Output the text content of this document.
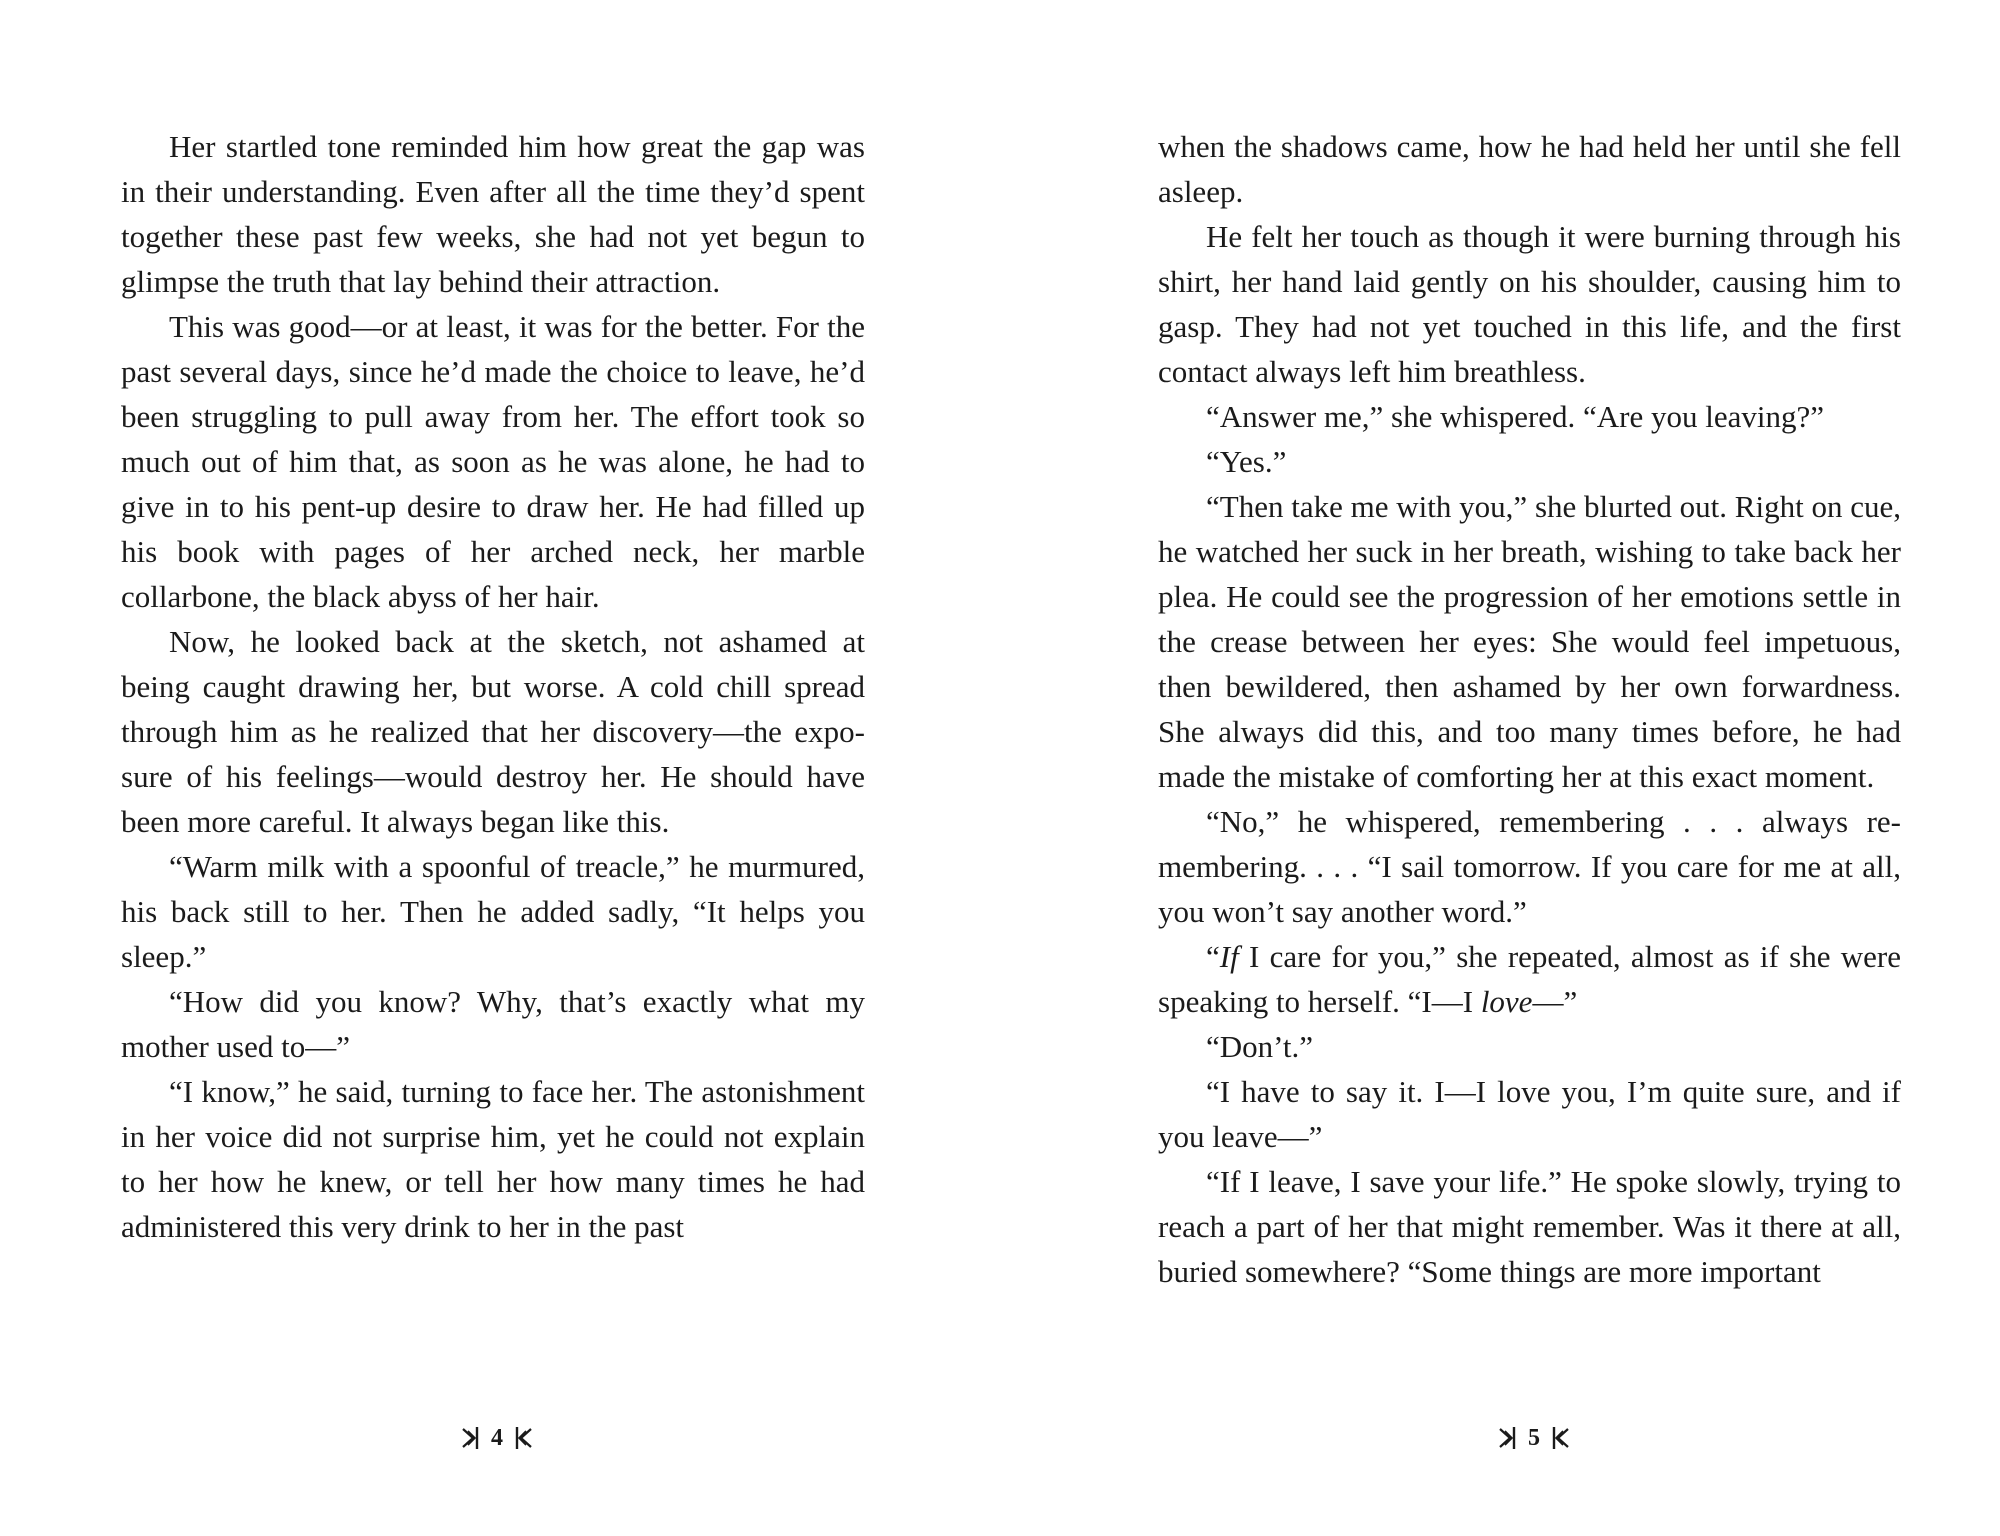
Her startled tone reminded him how great the gap was in their understanding. Even after all the time they’d spent together these past few weeks, she had not yet begun to glimpse the truth that lay behind their attraction.

This was good—or at least, it was for the better. For the past several days, since he’d made the choice to leave, he’d been struggling to pull away from her. The effort took so much out of him that, as soon as he was alone, he had to give in to his pent-up desire to draw her. He had filled up his book with pages of her arched neck, her marble collarbone, the black abyss of her hair.

Now, he looked back at the sketch, not ashamed at being caught drawing her, but worse. A cold chill spread through him as he realized that her discovery—the exposure of his feelings—would destroy her. He should have been more careful. It always began like this.

“Warm milk with a spoonful of treacle,” he murmured, his back still to her. Then he added sadly, “It helps you sleep.”

“How did you know? Why, that’s exactly what my mother used to—”

“I know,” he said, turning to face her. The astonishment in her voice did not surprise him, yet he could not explain to her how he knew, or tell her how many times he had administered this very drink to her in the past

4

when the shadows came, how he had held her until she fell asleep.

He felt her touch as though it were burning through his shirt, her hand laid gently on his shoulder, causing him to gasp. They had not yet touched in this life, and the first contact always left him breathless.

“Answer me,” she whispered. “Are you leaving?”

“Yes.”

“Then take me with you,” she blurted out. Right on cue, he watched her suck in her breath, wishing to take back her plea. He could see the progression of her emotions settle in the crease between her eyes: She would feel impetuous, then bewildered, then ashamed by her own forwardness. She always did this, and too many times before, he had made the mistake of comforting her at this exact moment.

“No,” he whispered, remembering . . . always remembering. . . . “I sail tomorrow. If you care for me at all, you won’t say another word.”

“If I care for you,” she repeated, almost as if she were speaking to herself. “I—I love—”

“Don’t.”

“I have to say it. I—I love you, I’m quite sure, and if you leave—”

“If I leave, I save your life.” He spoke slowly, trying to reach a part of her that might remember. Was it there at all, buried somewhere? “Some things are more important

5
